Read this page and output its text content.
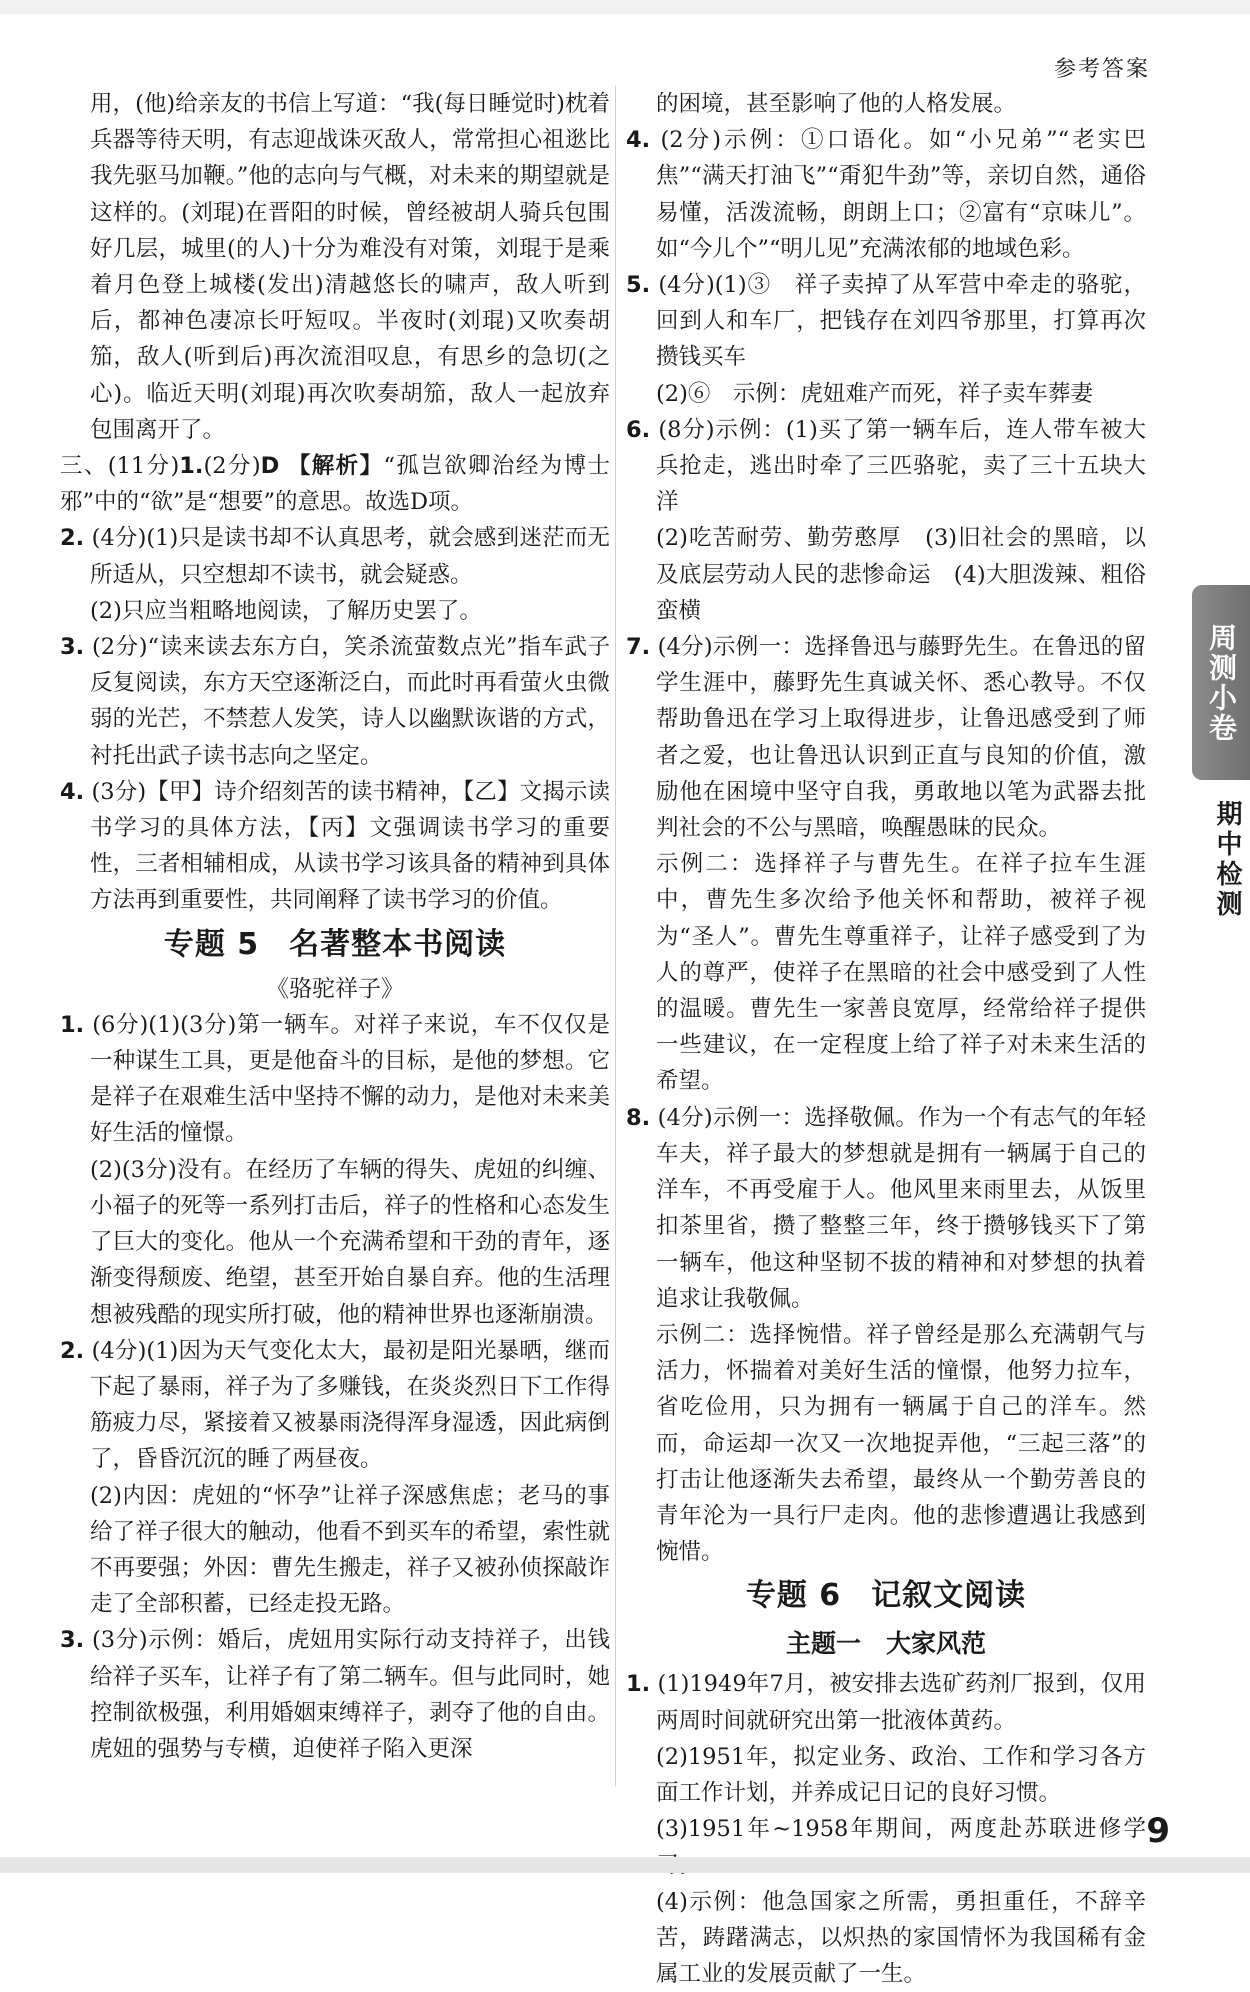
参考答案

用，(他)给亲友的书信上写道：“我(每日睡觉时)枕着兵器等待天明，有志迎战诛灭敌人，常常担心祖逖比我先驱马加鞭。”他的志向与气概，对未来的期望就是这样的。(刘琨)在晋阳的时候，曾经被胡人骑兵包围好几层，城里(的人)十分为难没有对策，刘琨于是乘着月色登上城楼(发出)清越悠长的啸声，敌人听到后，都神色凄凉长吁短叹。半夜时(刘琨)又吹奏胡笳，敌人(听到后)再次流泪叹息，有思乡的急切(之心)。临近天明(刘琨)再次吹奏胡笳，敌人一起放弃包围离开了。

三、(11分)1.(2分)D 【解析】“孤岂欲卿治经为博士邪”中的“欲”是“想要”的意思。故选D项。

2. (4分)(1)只是读书却不认真思考，就会感到迷茫而无所适从，只空想却不读书，就会疑惑。

(2)只应当粗略地阅读，了解历史罢了。

3. (2分)“读来读去东方白，笑杀流萤数点光”指车武子反复阅读，东方天空逐渐泛白，而此时再看萤火虫微弱的光芒，不禁惹人发笑，诗人以幽默诙谐的方式，衬托出武子读书志向之坚定。

4. (3分)【甲】诗介绍刻苦的读书精神，【乙】文揭示读书学习的具体方法，【丙】文强调读书学习的重要性，三者相辅相成，从读书学习该具备的精神到具体方法再到重要性，共同阐释了读书学习的价值。

专题 5 名著整本书阅读
《骆驼祥子》

1. (6分)(1)(3分)第一辆车。对祥子来说，车不仅仅是一种谋生工具，更是他奋斗的目标，是他的梦想。它是祥子在艰难生活中坚持不懈的动力，是他对未来美好生活的憧憬。

(2)(3分)没有。在经历了车辆的得失、虎妞的纠缠、小福子的死等一系列打击后，祥子的性格和心态发生了巨大的变化。他从一个充满希望和干劲的青年，逐渐变得颓废、绝望，甚至开始自暴自弃。他的生活理想被残酷的现实所打破，他的精神世界也逐渐崩溃。

2. (4分)(1)因为天气变化太大，最初是阳光暴晒，继而下起了暴雨，祥子为了多赚钱，在炎炎烈日下工作得筋疲力尽，紧接着又被暴雨浇得浑身湿透，因此病倒了，昏昏沉沉的睡了两昼夜。

(2)内因：虎妞的“怀孕”让祥子深感焦虑；老马的事给了祥子很大的触动，他看不到买车的希望，索性就不再要强；外因：曹先生搬走，祥子又被孙侦探敲诈走了全部积蓄，已经走投无路。

3. (3分)示例：婚后，虎妞用实际行动支持祥子，出钱给祥子买车，让祥子有了第二辆车。但与此同时，她控制欲极强，利用婚姻束缚祥子，剥夺了他的自由。虎妞的强势与专横，迫使祥子陷入更深

的困境，甚至影响了他的人格发展。

4. (2分)示例：①口语化。如“小兄弟”“老实巴焦”“满天打油飞”“甭犯牛劲”等，亲切自然，通俗易懂，活泼流畅，朗朗上口；②富有“京味儿”。如“今儿个”“明儿见”充满浓郁的地域色彩。

5. (4分)(1)③　祥子卖掉了从军营中牵走的骆驼，回到人和车厂，把钱存在刘四爷那里，打算再次攒钱买车

(2)⑥　示例：虎妞难产而死，祥子卖车葬妻

6. (8分)示例：(1)买了第一辆车后，连人带车被大兵抢走，逃出时牵了三匹骆驼，卖了三十五块大洋

(2)吃苦耐劳、勤劳憨厚　(3)旧社会的黑暗，以及底层劳动人民的悲惨命运　(4)大胆泼辣、粗俗蛮横

7. (4分)示例一：选择鲁迅与藤野先生。在鲁迅的留学生涯中，藤野先生真诚关怀、悉心教导。不仅帮助鲁迅在学习上取得进步，让鲁迅感受到了师者之爱，也让鲁迅认识到正直与良知的价值，激励他在困境中坚守自我，勇敢地以笔为武器去批判社会的不公与黑暗，唤醒愚昧的民众。

示例二：选择祥子与曹先生。在祥子拉车生涯中，曹先生多次给予他关怀和帮助，被祥子视为“圣人”。曹先生尊重祥子，让祥子感受到了为人的尊严，使祥子在黑暗的社会中感受到了人性的温暖。曹先生一家善良宽厚，经常给祥子提供一些建议，在一定程度上给了祥子对未来生活的希望。

8. (4分)示例一：选择敬佩。作为一个有志气的年轻车夫，祥子最大的梦想就是拥有一辆属于自己的洋车，不再受雇于人。他风里来雨里去，从饭里扣茶里省，攒了整整三年，终于攒够钱买下了第一辆车，他这种坚韧不拔的精神和对梦想的执着追求让我敬佩。

示例二：选择惋惜。祥子曾经是那么充满朝气与活力，怀揣着对美好生活的憧憬，他努力拉车，省吃俭用，只为拥有一辆属于自己的洋车。然而，命运却一次又一次地捉弄他，“三起三落”的打击让他逐渐失去希望，最终从一个勤劳善良的青年沦为一具行尸走肉。他的悲惨遭遇让我感到惋惜。

专题 6 记叙文阅读
主题一　大家风范

1. (1)1949年7月，被安排去选矿药剂厂报到，仅用两周时间就研究出第一批液体黄药。

(2)1951年，拟定业务、政治、工作和学习各方面工作计划，并养成记日记的良好习惯。

(3)1951年~1958年期间，两度赴苏联进修学

(4)示例：他急国家之所需，勇担重任，不辞辛苦，踌躇满志，以炽热的家国情怀为我国稀有金属工业的发展贡献了一生。

周测小卷
期中检测
9
